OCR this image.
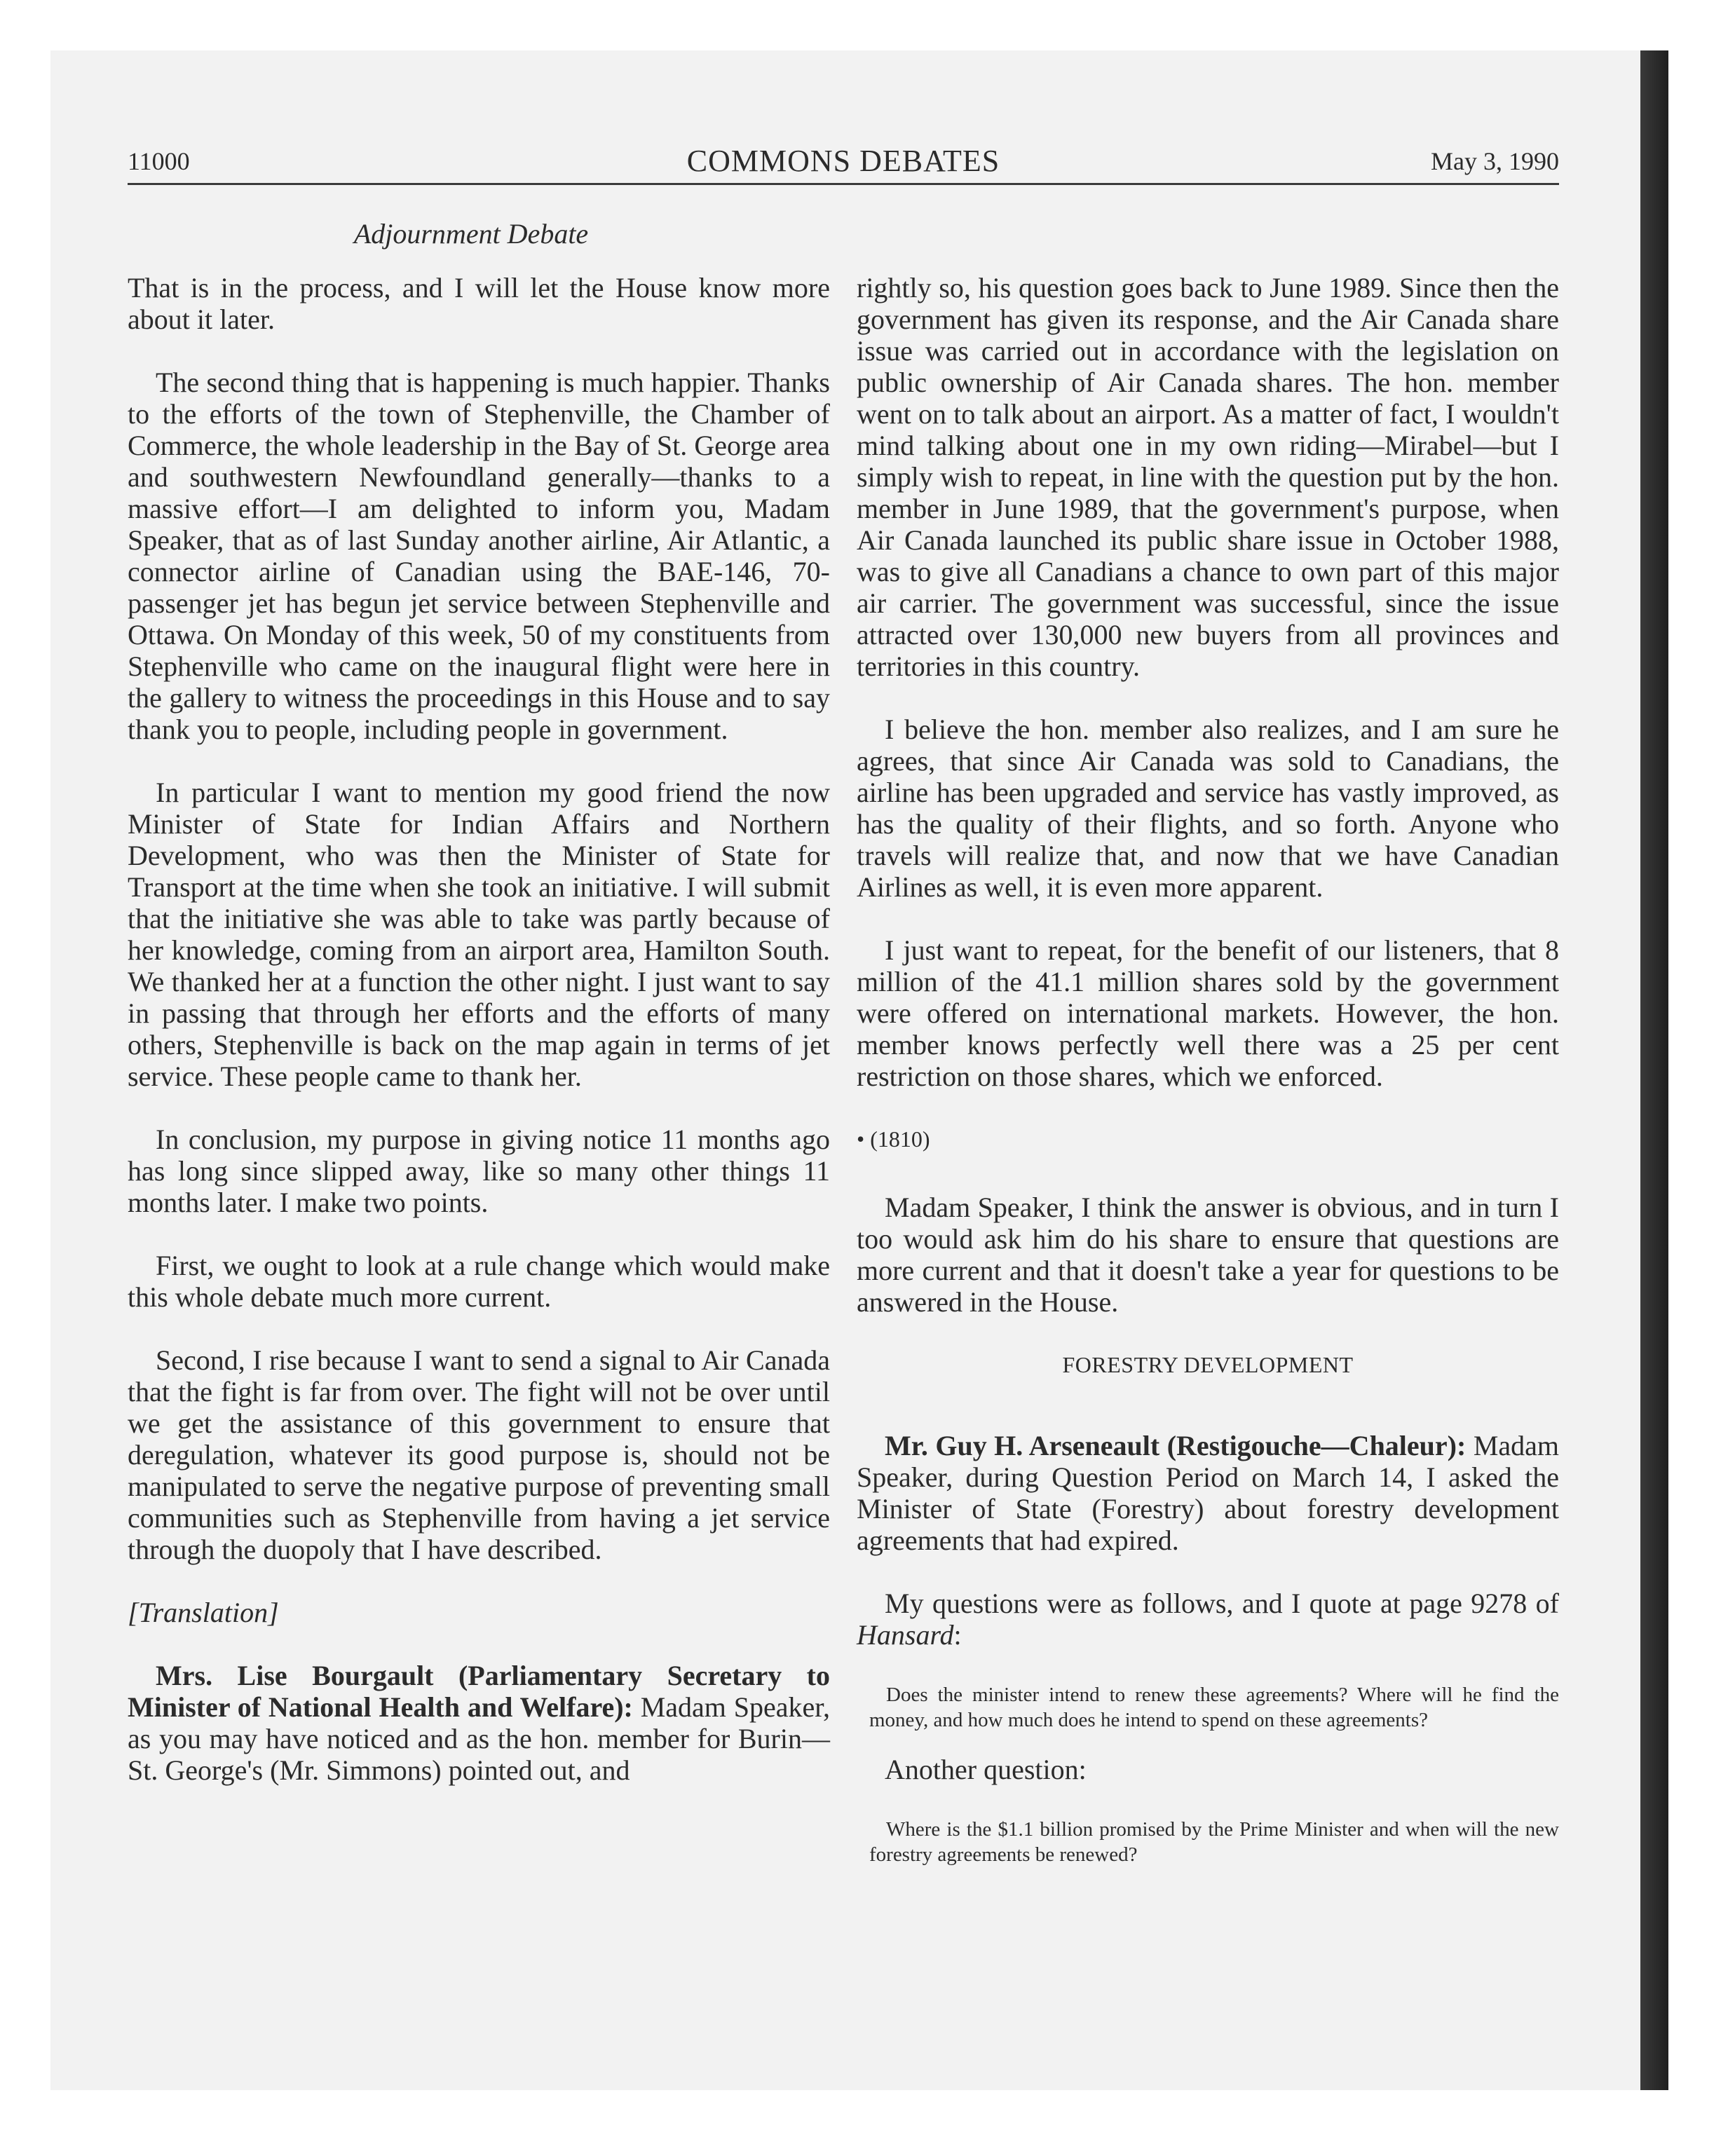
11000	COMMONS DEBATES	May 3, 1990
Adjournment Debate

That is in the process, and I will let the House know more about it later.

The second thing that is happening is much happier. Thanks to the efforts of the town of Stephenville, the Chamber of Commerce, the whole leadership in the Bay of St. George area and southwestern Newfoundland generally—thanks to a massive effort—I am delighted to inform you, Madam Speaker, that as of last Sunday another airline, Air Atlantic, a connector airline of Canadian using the BAE-146, 70-passenger jet has begun jet service between Stephenville and Ottawa. On Monday of this week, 50 of my constituents from Stephenville who came on the inaugural flight were here in the gallery to witness the proceedings in this House and to say thank you to people, including people in government.

In particular I want to mention my good friend the now Minister of State for Indian Affairs and Northern Development, who was then the Minister of State for Transport at the time when she took an initiative. I will submit that the initiative she was able to take was partly because of her knowledge, coming from an airport area, Hamilton South. We thanked her at a function the other night. I just want to say in passing that through her efforts and the efforts of many others, Stephenville is back on the map again in terms of jet service. These people came to thank her.

In conclusion, my purpose in giving notice 11 months ago has long since slipped away, like so many other things 11 months later. I make two points.

First, we ought to look at a rule change which would make this whole debate much more current.

Second, I rise because I want to send a signal to Air Canada that the fight is far from over. The fight will not be over until we get the assistance of this government to ensure that deregulation, whatever its good purpose is, should not be manipulated to serve the negative purpose of preventing small communities such as Stephenville from having a jet service through the duopoly that I have described.

[Translation]

Mrs. Lise Bourgault (Parliamentary Secretary to Minister of National Health and Welfare): Madam Speaker, as you may have noticed and as the hon. member for Burin—St. George's (Mr. Simmons) pointed out, and

rightly so, his question goes back to June 1989. Since then the government has given its response, and the Air Canada share issue was carried out in accordance with the legislation on public ownership of Air Canada shares. The hon. member went on to talk about an airport. As a matter of fact, I wouldn't mind talking about one in my own riding—Mirabel—but I simply wish to repeat, in line with the question put by the hon. member in June 1989, that the government's purpose, when Air Canada launched its public share issue in October 1988, was to give all Canadians a chance to own part of this major air carrier. The government was successful, since the issue attracted over 130,000 new buyers from all provinces and territories in this country.

I believe the hon. member also realizes, and I am sure he agrees, that since Air Canada was sold to Canadians, the airline has been upgraded and service has vastly improved, as has the quality of their flights, and so forth. Anyone who travels will realize that, and now that we have Canadian Airlines as well, it is even more apparent.

I just want to repeat, for the benefit of our listeners, that 8 million of the 41.1 million shares sold by the government were offered on international markets. However, the hon. member knows perfectly well there was a 25 per cent restriction on those shares, which we enforced.

• (1810)

Madam Speaker, I think the answer is obvious, and in turn I too would ask him do his share to ensure that questions are more current and that it doesn't take a year for questions to be answered in the House.

FORESTRY DEVELOPMENT

Mr. Guy H. Arseneault (Restigouche—Chaleur): Madam Speaker, during Question Period on March 14, I asked the Minister of State (Forestry) about forestry development agreements that had expired.

My questions were as follows, and I quote at page 9278 of Hansard:

Does the minister intend to renew these agreements? Where will he find the money, and how much does he intend to spend on these agreements?

Another question:

Where is the $1.1 billion promised by the Prime Minister and when will the new forestry agreements be renewed?
